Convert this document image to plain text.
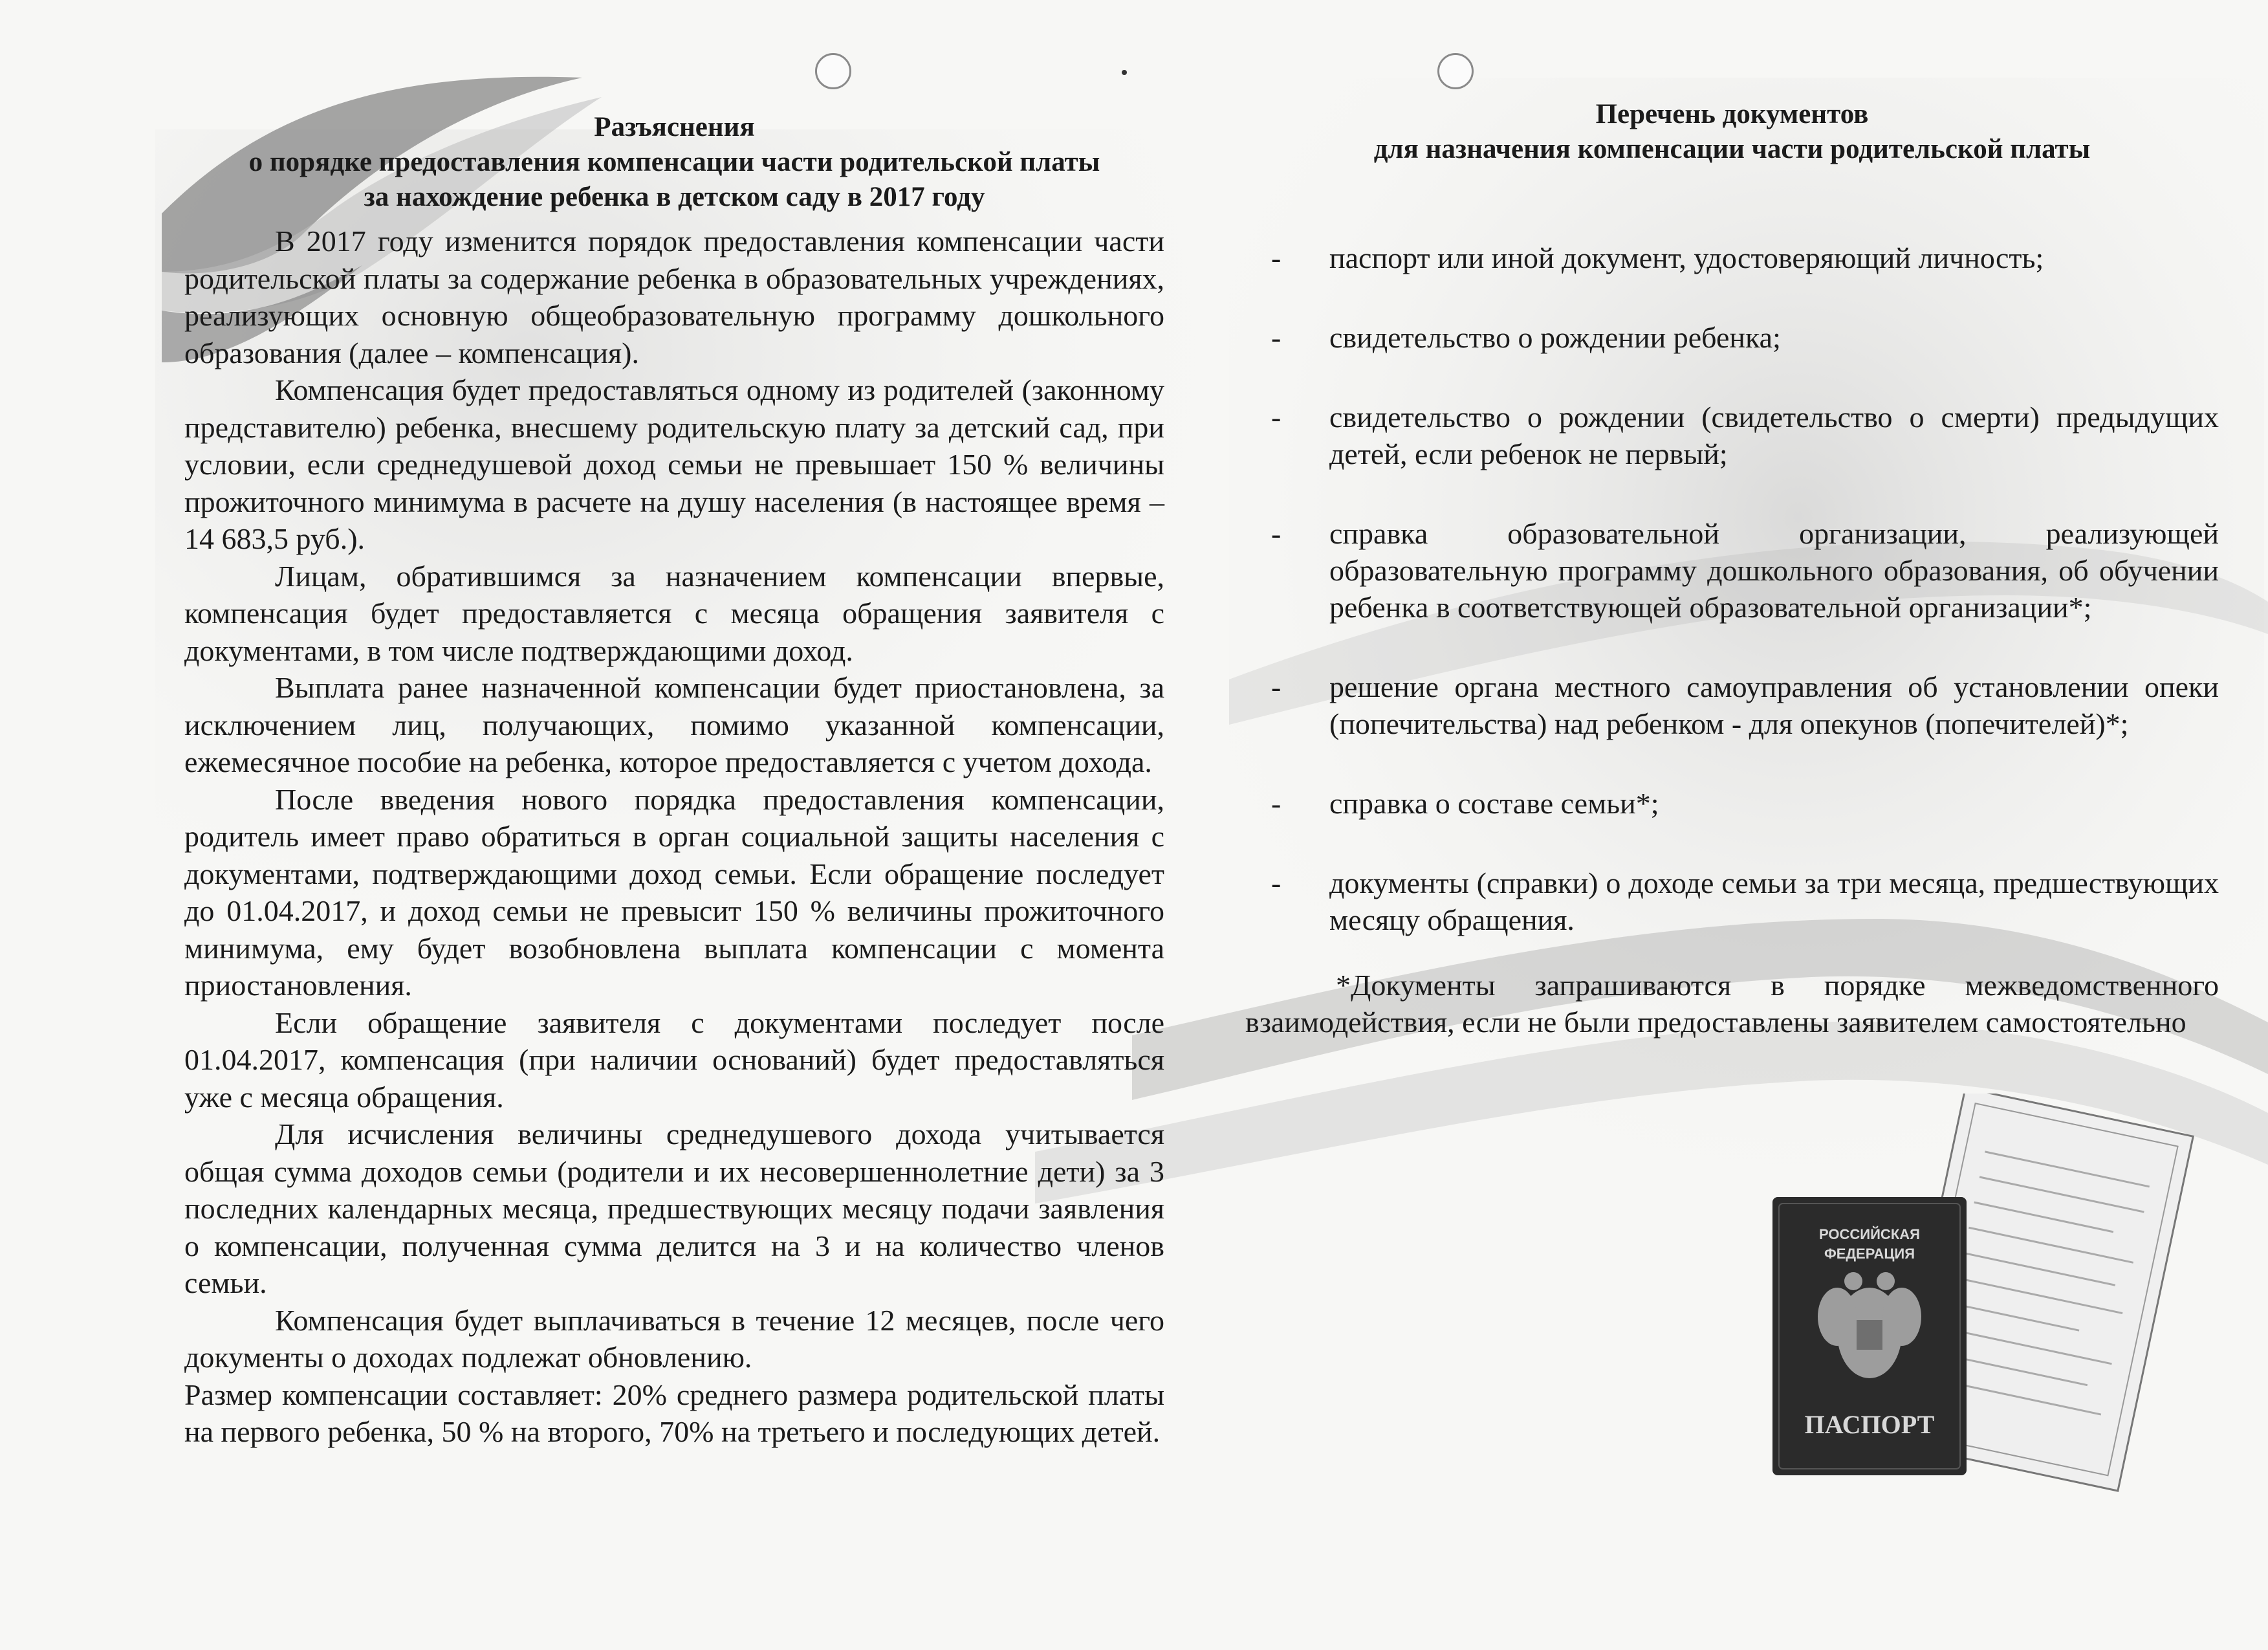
Разъяснения
о порядке предоставления компенсации части родительской платы
за нахождение ребенка в детском саду в 2017 году

В 2017 году изменится порядок предоставления компенсации части родительской платы за содержание ребенка в образовательных учреждениях, реализующих основную общеобразовательную программу дошкольного образования (далее – компенсация).

Компенсация будет предоставляться одному из родителей (законному представителю) ребенка, внесшему родительскую плату за детский сад, при условии, если среднедушевой доход семьи не превышает 150 % величины прожиточного минимума в расчете на душу населения (в настоящее время – 14 683,5 руб.).

Лицам, обратившимся за назначением компенсации впервые, компенсация будет предоставляется с месяца обращения заявителя с документами, в том числе подтверждающими доход.

Выплата ранее назначенной компенсации будет приостановлена, за исключением лиц, получающих, помимо указанной компенсации, ежемесячное пособие на ребенка, которое предоставляется с учетом дохода.

После введения нового порядка предоставления компенсации, родитель имеет право обратиться в орган социальной защиты населения с документами, подтверждающими доход семьи. Если обращение последует до 01.04.2017, и доход семьи не превысит 150 % величины прожиточного минимума, ему будет возобновлена выплата компенсации с момента приостановления.

Если обращение заявителя с документами последует после 01.04.2017, компенсация (при наличии оснований) будет предоставляться уже с месяца обращения.

Для исчисления величины среднедушевого дохода учитывается общая сумма доходов семьи (родители и их несовершеннолетние дети) за 3 последних календарных месяца, предшествующих месяцу подачи заявления о компенсации, полученная сумма делится на 3 и на количество членов семьи.

Компенсация будет выплачиваться в течение 12 месяцев, после чего документы о доходах подлежат обновлению.

Размер компенсации составляет: 20% среднего размера родительской платы на первого ребенка, 50 % на второго, 70% на третьего и последующих детей.

Перечень документов
для назначения компенсации части родительской платы
- паспорт или иной документ, удостоверяющий личность;
- свидетельство о рождении ребенка;
- свидетельство о рождении (свидетельство о смерти) предыдущих детей, если ребенок не первый;
- справка образовательной организации, реализующей образовательную программу дошкольного образования, об обучении ребенка в соответствующей образовательной организации*;
- решение органа местного самоуправления об установлении опеки (попечительства) над ребенком - для опекунов (попечителей)*;
- справка о составе семьи*;
- документы (справки) о доходе семьи за три месяца, предшествующих месяцу обращения.

*Документы запрашиваются в порядке межведомственного взаимодействия, если не были предоставлены заявителем самостоятельно

РОССИЙСКАЯ
ФЕДЕРАЦИЯ
ПАСПОРТ
